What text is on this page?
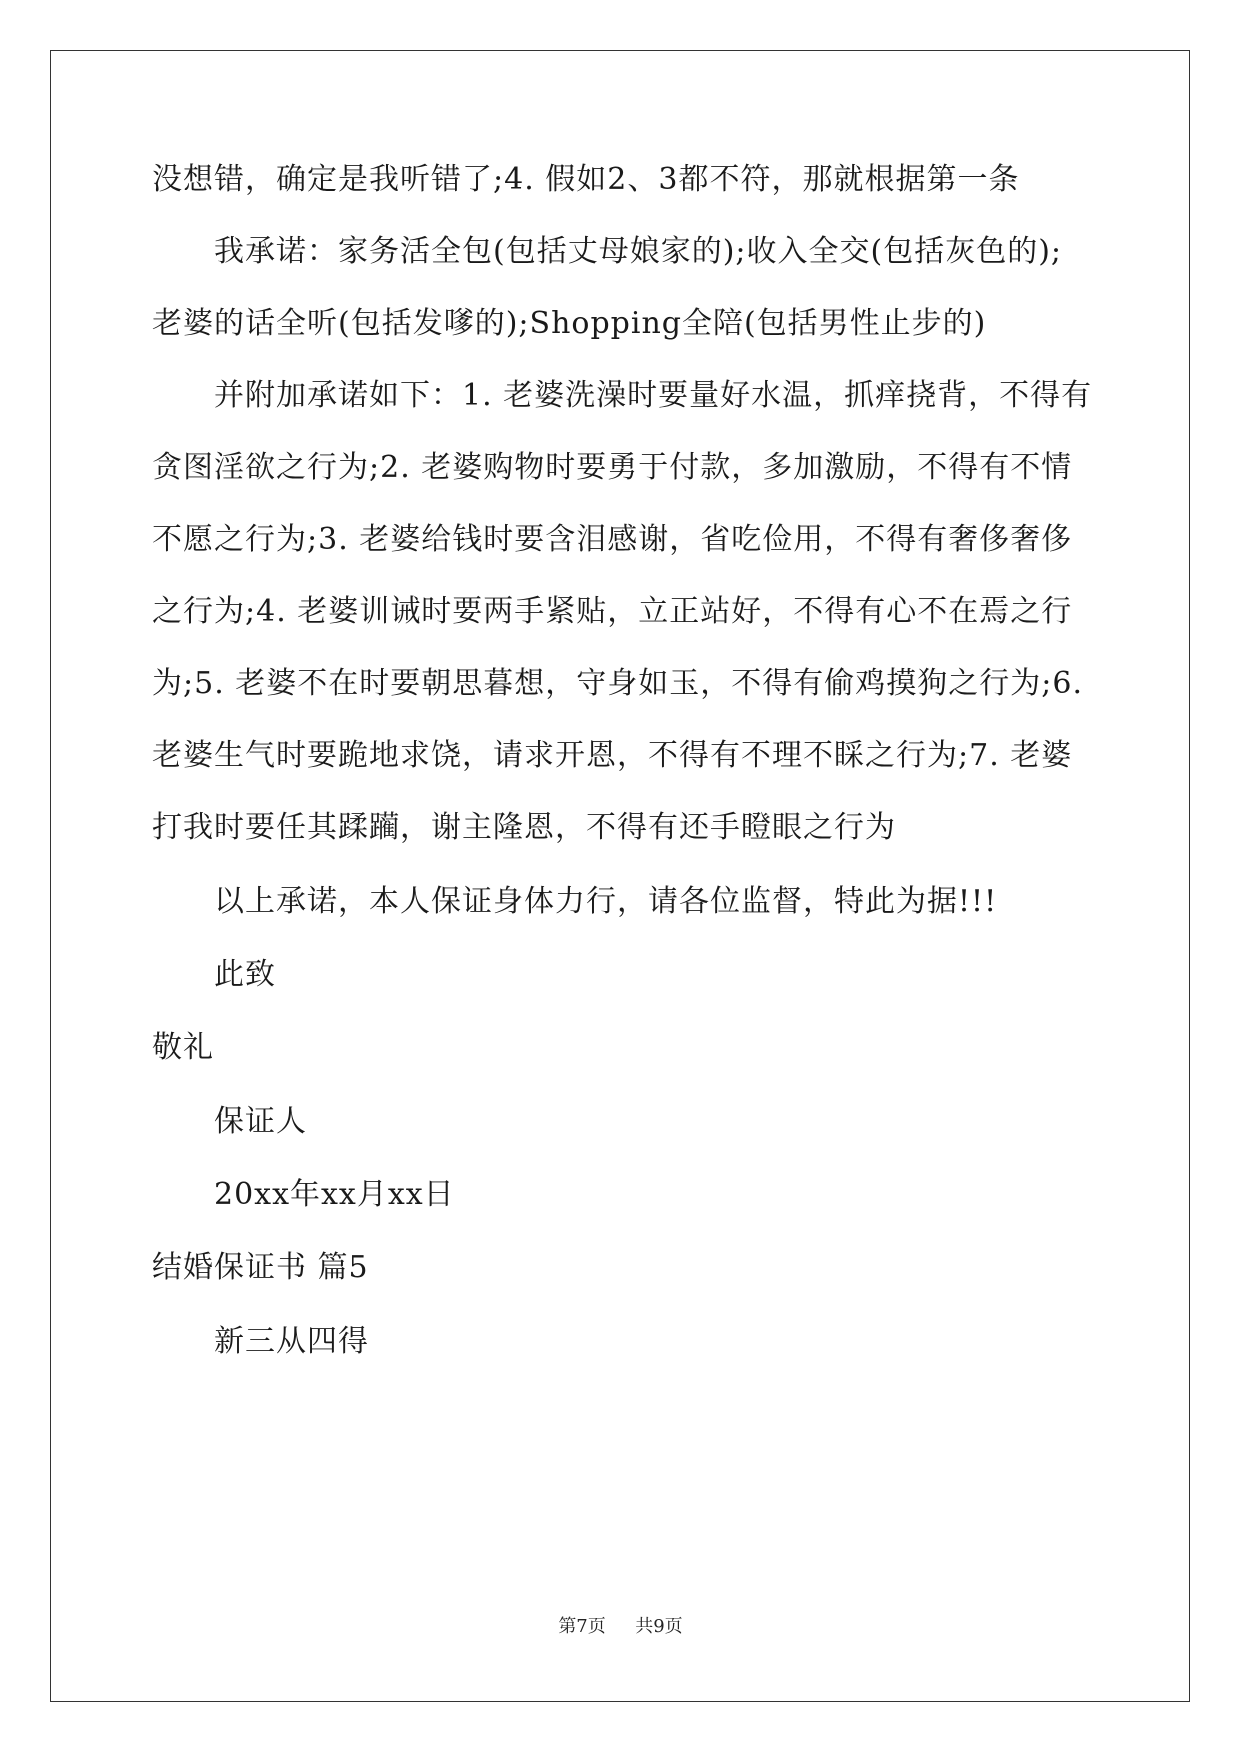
没想错，确定是我听错了;4. 假如2、3都不符，那就根据第一条
我承诺：家务活全包(包括丈母娘家的);收入全交(包括灰色的);
老婆的话全听(包括发嗲的);Shopping全陪(包括男性止步的)
并附加承诺如下：1. 老婆洗澡时要量好水温，抓痒挠背，不得有
贪图淫欲之行为;2. 老婆购物时要勇于付款，多加激励，不得有不情
不愿之行为;3. 老婆给钱时要含泪感谢，省吃俭用，不得有奢侈奢侈
之行为;4. 老婆训诫时要两手紧贴，立正站好，不得有心不在焉之行
为;5. 老婆不在时要朝思暮想，守身如玉，不得有偷鸡摸狗之行为;6.
老婆生气时要跪地求饶，请求开恩，不得有不理不睬之行为;7. 老婆
打我时要任其蹂躏，谢主隆恩，不得有还手瞪眼之行为
以上承诺，本人保证身体力行，请各位监督，特此为据!!!
此致
敬礼
保证人
20xx年xx月xx日
结婚保证书 篇5
新三从四得
第7页 共9页
